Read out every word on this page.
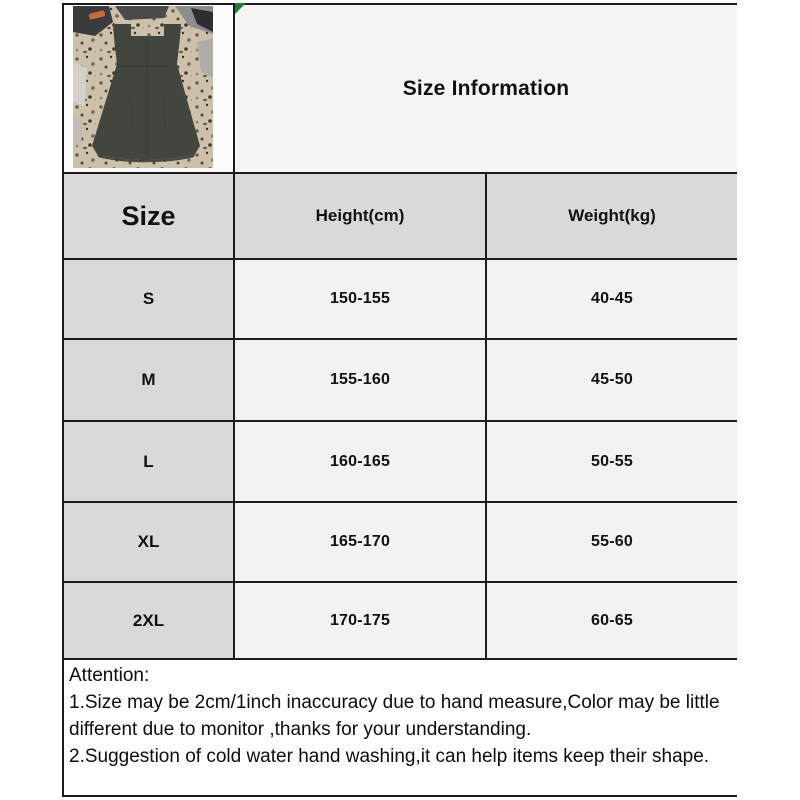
Size Information
Size	Height(cm)	Weight(kg)
S	150-155	40-45
M	155-160	45-50
L	160-165	50-55
XL	165-170	55-60
2XL	170-175	60-65
Attention:
1.Size may be 2cm/1inch inaccuracy due to hand measure,Color may be little different due to monitor ,thanks for your understanding.
2.Suggestion of cold water hand washing,it can help items keep their shape.
